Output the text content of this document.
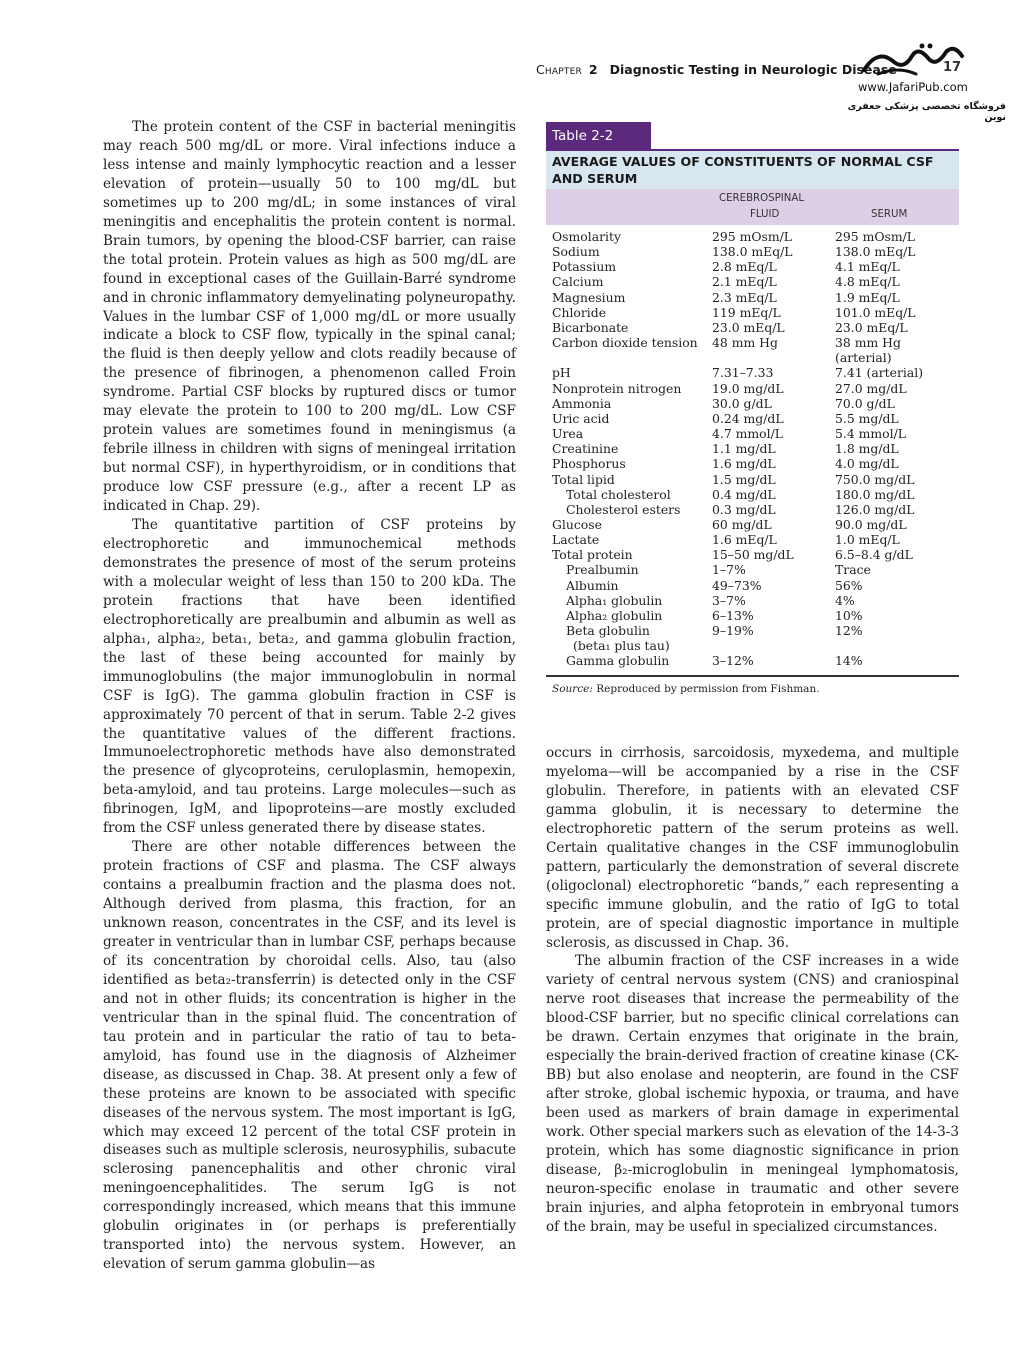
Chapter 2 Diagnostic Testing in Neurologic Disease	17
www.JafariPub.com
فروشگاه تخصصی پزشکی جعفری نوین

The protein content of the CSF in bacterial meningitis may reach 500 mg/dL or more. Viral infections induce a less intense and mainly lymphocytic reaction and a lesser elevation of protein—usually 50 to 100 mg/dL but sometimes up to 200 mg/dL; in some instances of viral meningitis and encephalitis the protein content is normal. Brain tumors, by opening the blood-CSF barrier, can raise the total protein. Protein values as high as 500 mg/dL are found in exceptional cases of the Guillain-Barré syndrome and in chronic inflammatory demyelinating polyneuropathy. Values in the lumbar CSF of 1,000 mg/dL or more usually indicate a block to CSF flow, typically in the spinal canal; the fluid is then deeply yellow and clots readily because of the presence of fibrinogen, a phenomenon called Froin syndrome. Partial CSF blocks by ruptured discs or tumor may elevate the protein to 100 to 200 mg/dL. Low CSF protein values are sometimes found in meningismus (a febrile illness in children with signs of meningeal irritation but normal CSF), in hyperthyroidism, or in conditions that produce low CSF pressure (e.g., after a recent LP as indicated in Chap. 29).

The quantitative partition of CSF proteins by electrophoretic and immunochemical methods demonstrates the presence of most of the serum proteins with a molecular weight of less than 150 to 200 kDa. The protein fractions that have been identified electrophoretically are prealbumin and albumin as well as alpha₁, alpha₂, beta₁, beta₂, and gamma globulin fraction, the last of these being accounted for mainly by immunoglobulins (the major immunoglobulin in normal CSF is IgG). The gamma globulin fraction in CSF is approximately 70 percent of that in serum. Table 2-2 gives the quantitative values of the different fractions. Immunoelectrophoretic methods have also demonstrated the presence of glycoproteins, ceruloplasmin, hemopexin, beta-amyloid, and tau proteins. Large molecules—such as fibrinogen, IgM, and lipoproteins—are mostly excluded from the CSF unless generated there by disease states.

There are other notable differences between the protein fractions of CSF and plasma. The CSF always contains a prealbumin fraction and the plasma does not. Although derived from plasma, this fraction, for an unknown reason, concentrates in the CSF, and its level is greater in ventricular than in lumbar CSF, perhaps because of its concentration by choroidal cells. Also, tau (also identified as beta₂-transferrin) is detected only in the CSF and not in other fluids; its concentration is higher in the ventricular than in the spinal fluid. The concentration of tau protein and in particular the ratio of tau to beta-amyloid, has found use in the diagnosis of Alzheimer disease, as discussed in Chap. 38. At present only a few of these proteins are known to be associated with specific diseases of the nervous system. The most important is IgG, which may exceed 12 percent of the total CSF protein in diseases such as multiple sclerosis, neurosyphilis, subacute sclerosing panencephalitis and other chronic viral meningoencephalitides. The serum IgG is not correspondingly increased, which means that this immune globulin originates in (or perhaps is preferentially transported into) the nervous system. However, an elevation of serum gamma globulin—as

Table 2-2
AVERAGE VALUES OF CONSTITUENTS OF NORMAL CSF AND SERUM
CEREBROSPINAL
FLUID	SERUM
Osmolarity	295 mOsm/L	295 mOsm/L
Sodium	138.0 mEq/L	138.0 mEq/L
Potassium	2.8 mEq/L	4.1 mEq/L
Calcium	2.1 mEq/L	4.8 mEq/L
Magnesium	2.3 mEq/L	1.9 mEq/L
Chloride	119 mEq/L	101.0 mEq/L
Bicarbonate	23.0 mEq/L	23.0 mEq/L
Carbon dioxide tension	48 mm Hg	38 mm Hg
(arterial)
pH	7.31–7.33	7.41 (arterial)
Nonprotein nitrogen	19.0 mg/dL	27.0 mg/dL
Ammonia	30.0 g/dL	70.0 g/dL
Uric acid	0.24 mg/dL	5.5 mg/dL
Urea	4.7 mmol/L	5.4 mmol/L
Creatinine	1.1 mg/dL	1.8 mg/dL
Phosphorus	1.6 mg/dL	4.0 mg/dL
Total lipid	1.5 mg/dL	750.0 mg/dL
Total cholesterol	0.4 mg/dL	180.0 mg/dL
Cholesterol esters	0.3 mg/dL	126.0 mg/dL
Glucose	60 mg/dL	90.0 mg/dL
Lactate	1.6 mEq/L	1.0 mEq/L
Total protein	15–50 mg/dL	6.5–8.4 g/dL
Prealbumin	1–7%	Trace
Albumin	49–73%	56%
Alpha₁ globulin	3–7%	4%
Alpha₂ globulin	6–13%	10%
Beta globulin	9–19%	12%
(beta₁ plus tau)
Gamma globulin	3–12%	14%
Source: Reproduced by permission from Fishman.

occurs in cirrhosis, sarcoidosis, myxedema, and multiple myeloma—will be accompanied by a rise in the CSF globulin. Therefore, in patients with an elevated CSF gamma globulin, it is necessary to determine the electrophoretic pattern of the serum proteins as well. Certain qualitative changes in the CSF immunoglobulin pattern, particularly the demonstration of several discrete (oligoclonal) electrophoretic “bands,” each representing a specific immune globulin, and the ratio of IgG to total protein, are of special diagnostic importance in multiple sclerosis, as discussed in Chap. 36.

The albumin fraction of the CSF increases in a wide variety of central nervous system (CNS) and craniospinal nerve root diseases that increase the permeability of the blood-CSF barrier, but no specific clinical correlations can be drawn. Certain enzymes that originate in the brain, especially the brain-derived fraction of creatine kinase (CK-BB) but also enolase and neopterin, are found in the CSF after stroke, global ischemic hypoxia, or trauma, and have been used as markers of brain damage in experimental work. Other special markers such as elevation of the 14-3-3 protein, which has some diagnostic significance in prion disease, β₂-microglobulin in meningeal lymphomatosis, neuron-specific enolase in traumatic and other severe brain injuries, and alpha fetoprotein in embryonal tumors of the brain, may be useful in specialized circumstances.
